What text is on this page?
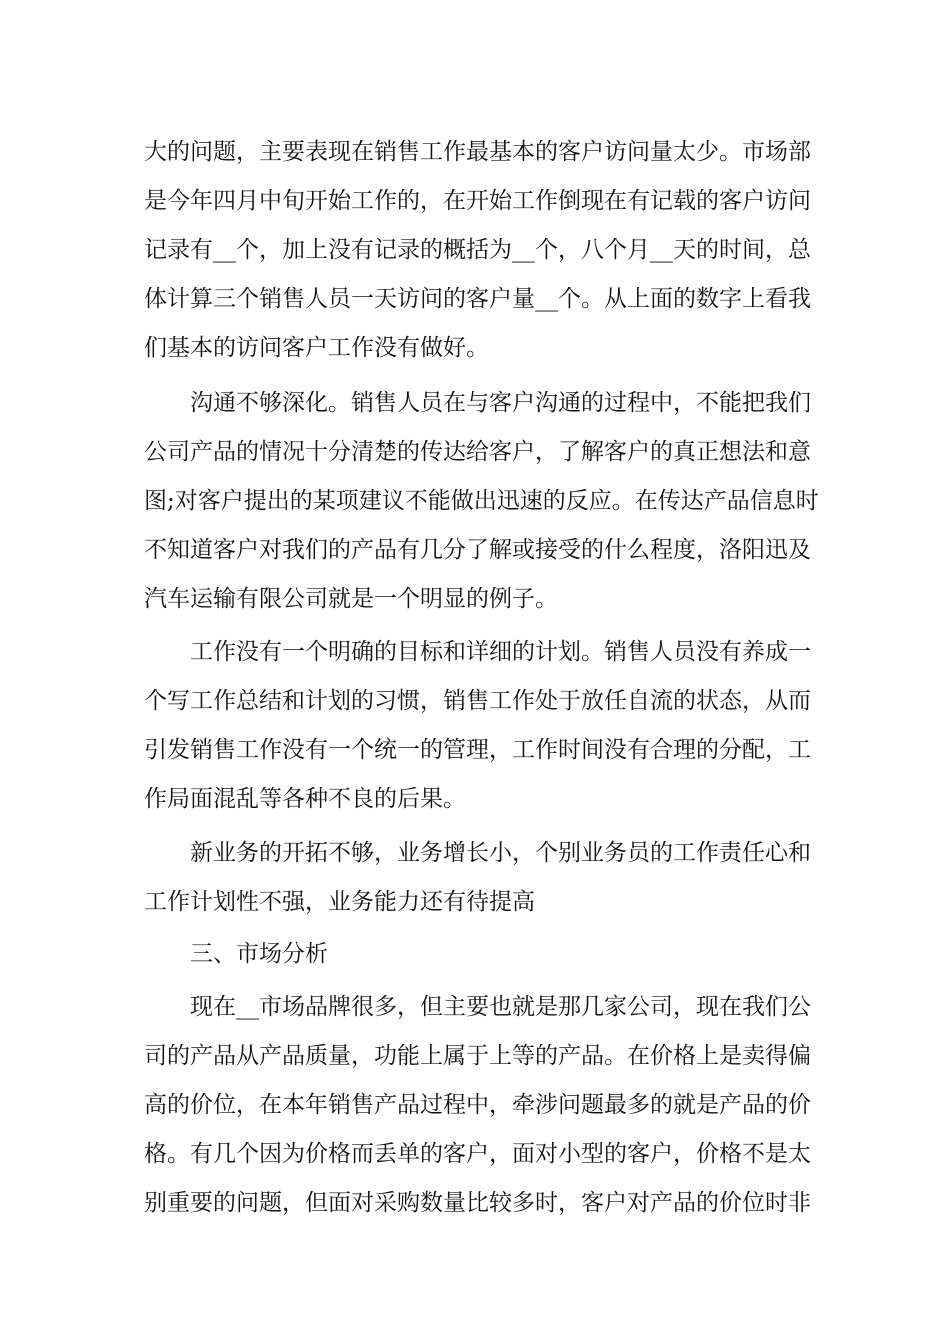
大的问题，主要表现在销售工作最基本的客户访问量太少。市场部
是今年四月中旬开始工作的，在开始工作倒现在有记载的客户访问
记录有__个，加上没有记录的概括为__个，八个月__天的时间，总
体计算三个销售人员一天访问的客户量__个。从上面的数字上看我
们基本的访问客户工作没有做好。
沟通不够深化。销售人员在与客户沟通的过程中，不能把我们
公司产品的情况十分清楚的传达给客户，了解客户的真正想法和意
图;对客户提出的某项建议不能做出迅速的反应。在传达产品信息时
不知道客户对我们的产品有几分了解或接受的什么程度，洛阳迅及
汽车运输有限公司就是一个明显的例子。
工作没有一个明确的目标和详细的计划。销售人员没有养成一
个写工作总结和计划的习惯，销售工作处于放任自流的状态，从而
引发销售工作没有一个统一的管理，工作时间没有合理的分配，工
作局面混乱等各种不良的后果。
新业务的开拓不够，业务增长小，个别业务员的工作责任心和
工作计划性不强，业务能力还有待提高
三、市场分析
现在__市场品牌很多，但主要也就是那几家公司，现在我们公
司的产品从产品质量，功能上属于上等的产品。在价格上是卖得偏
高的价位，在本年销售产品过程中，牵涉问题最多的就是产品的价
格。有几个因为价格而丢单的客户，面对小型的客户，价格不是太
别重要的问题，但面对采购数量比较多时，客户对产品的价位时非
